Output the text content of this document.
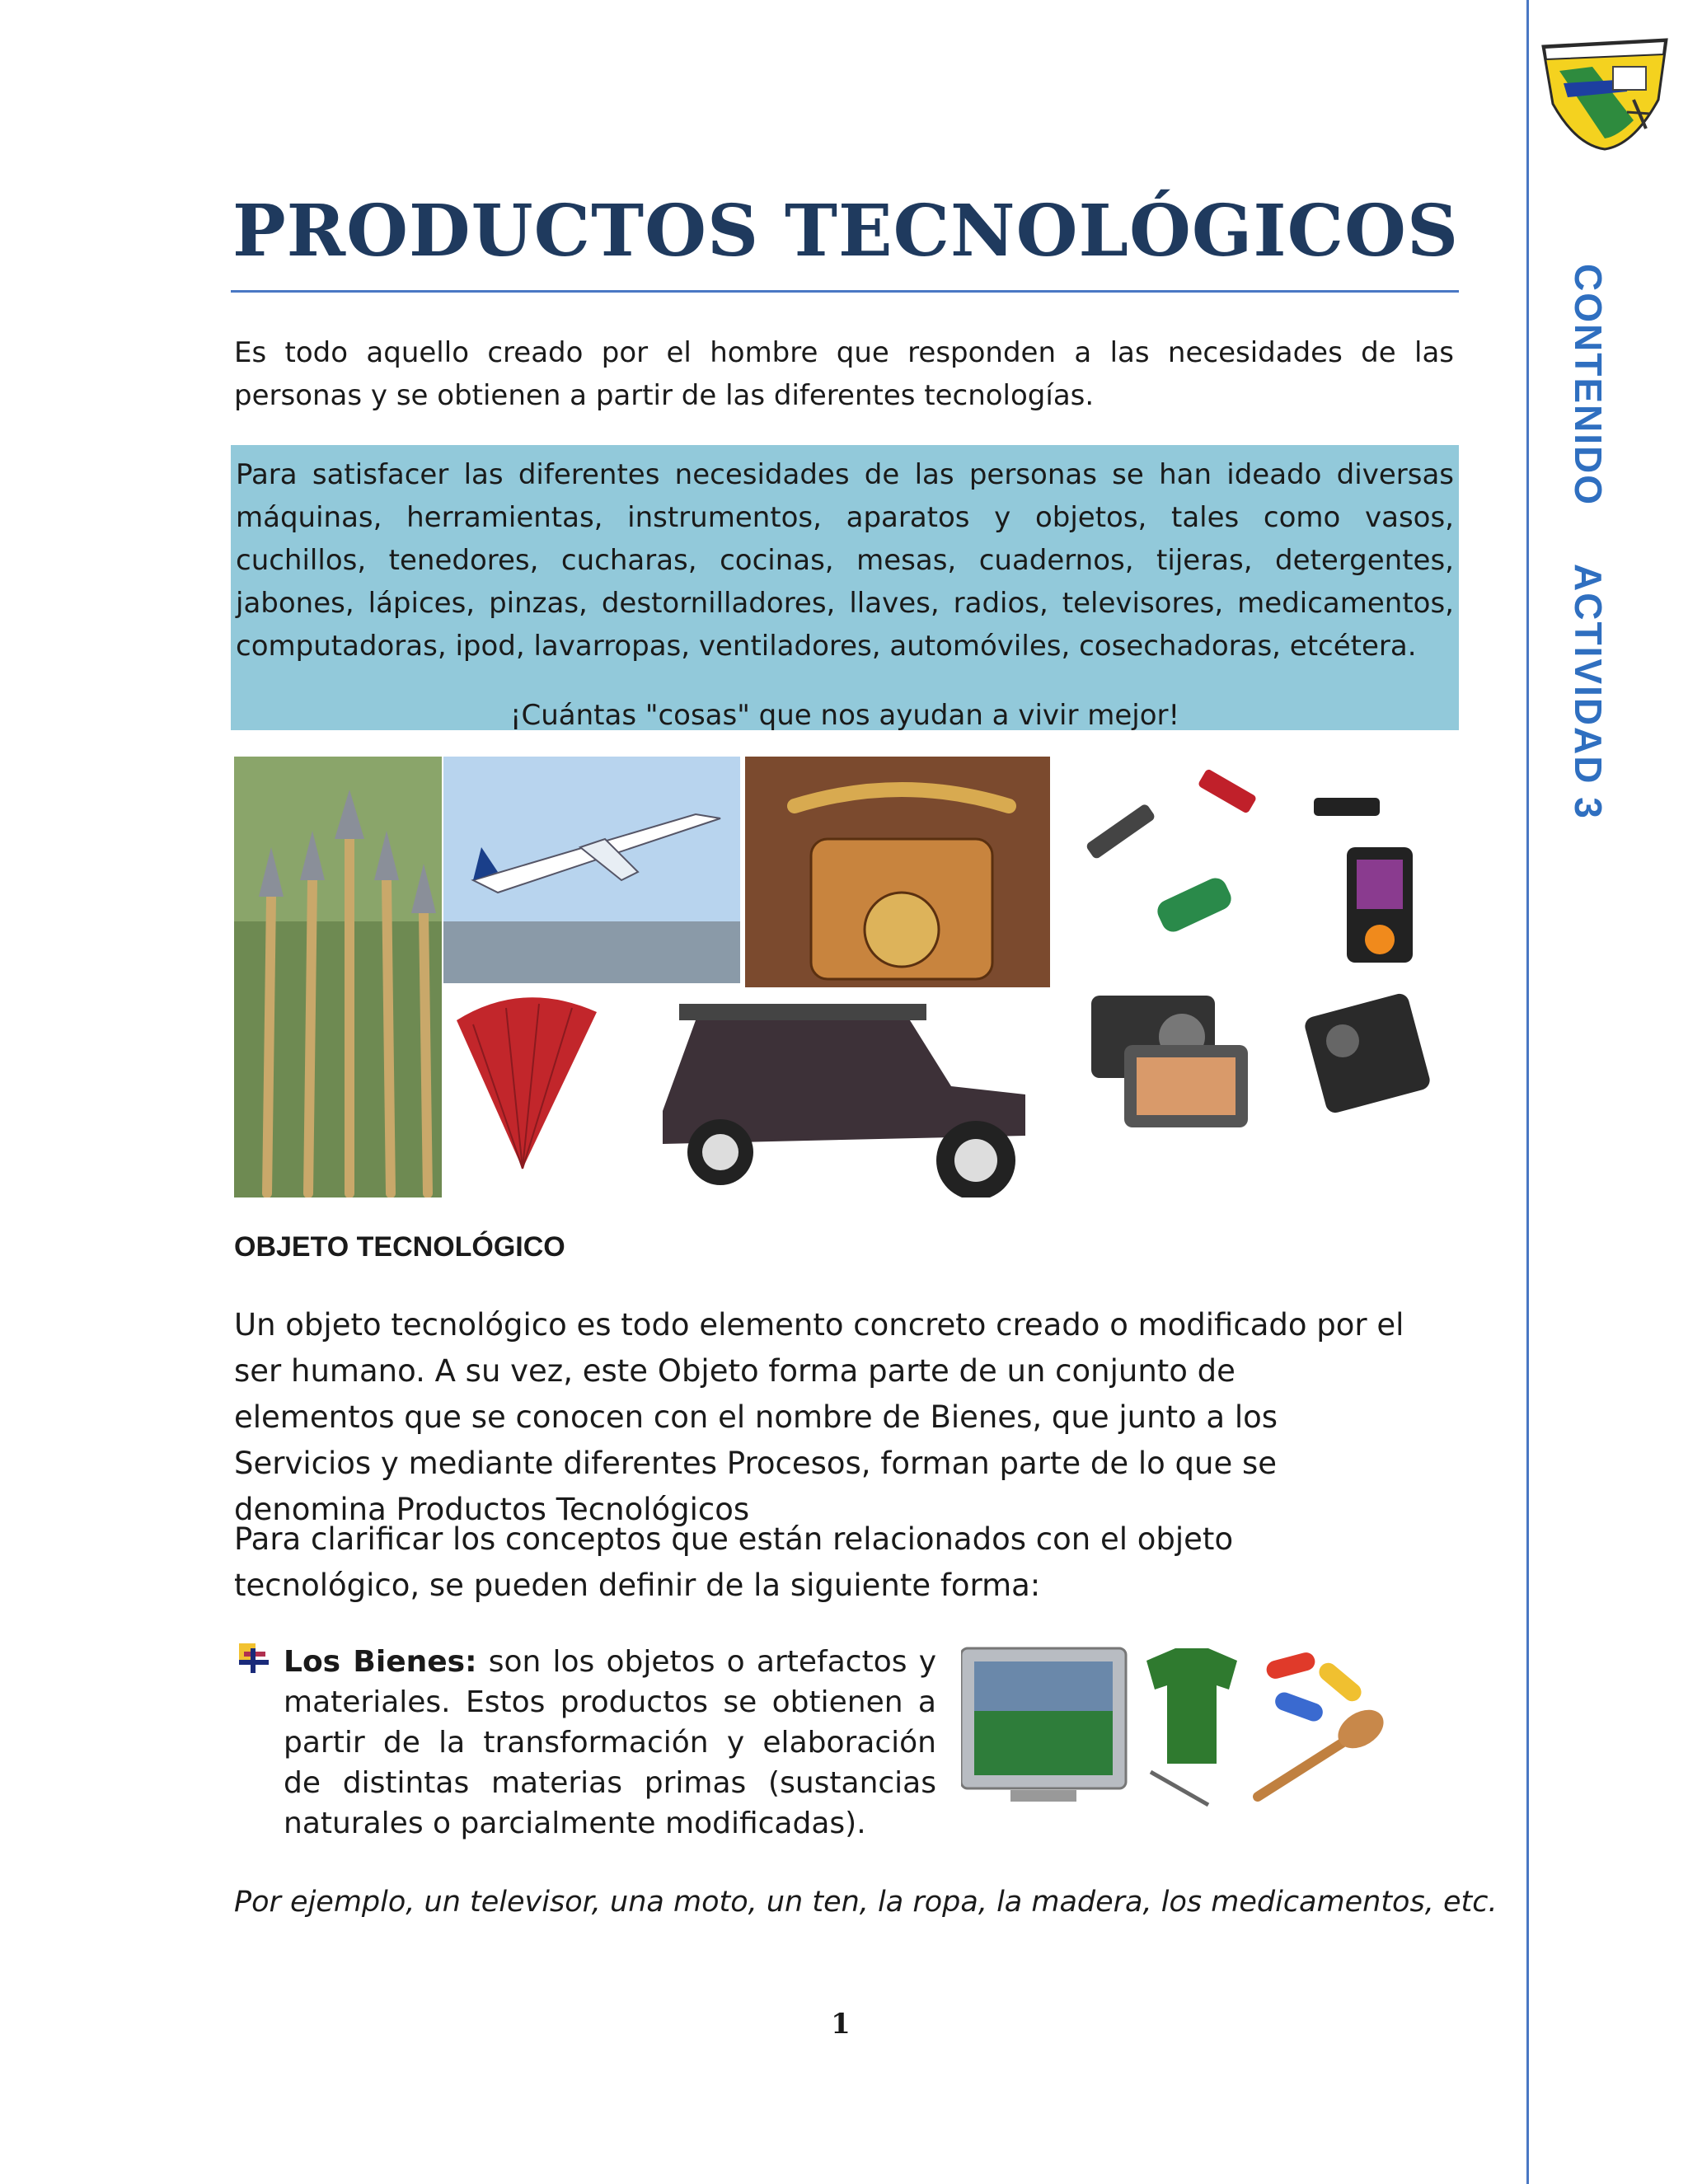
CONTENIDOACTIVIDAD 3
PRODUCTOS TECNOLÓGICOS

Es todo aquello creado por el hombre que responden a las necesidades de las personas y se obtienen a partir de las diferentes tecnologías.

Para satisfacer las diferentes necesidades de las personas se han ideado diversas máquinas, herramientas, instrumentos, aparatos y objetos, tales como vasos, cuchillos, tenedores, cucharas, cocinas, mesas, cuadernos, tijeras, detergentes, jabones, lápices, pinzas, destornilladores, llaves, radios, televisores, medicamentos, computadoras, ipod, lavarropas, ventiladores, automóviles, cosechadoras, etcétera.

¡Cuántas "cosas" que nos ayudan a vivir mejor!

OBJETO TECNOLÓGICO

Un objeto tecnológico es todo elemento concreto creado o modificado por el ser humano. A su vez, este Objeto forma parte de un conjunto de elementos que se conocen con el nombre de Bienes, que junto a los Servicios y mediante diferentes Procesos, forman parte de lo que se denomina Productos Tecnológicos

Para clarificar los conceptos que están relacionados con el objeto tecnológico, se pueden definir de la siguiente forma:

Los Bienes: son los objetos o artefactos y materiales. Estos productos se obtienen a partir de la transformación y elaboración de distintas materias primas (sustancias naturales o parcialmente modificadas).

Por ejemplo, un televisor, una moto, un ten, la ropa, la madera, los medicamentos, etc.

1
